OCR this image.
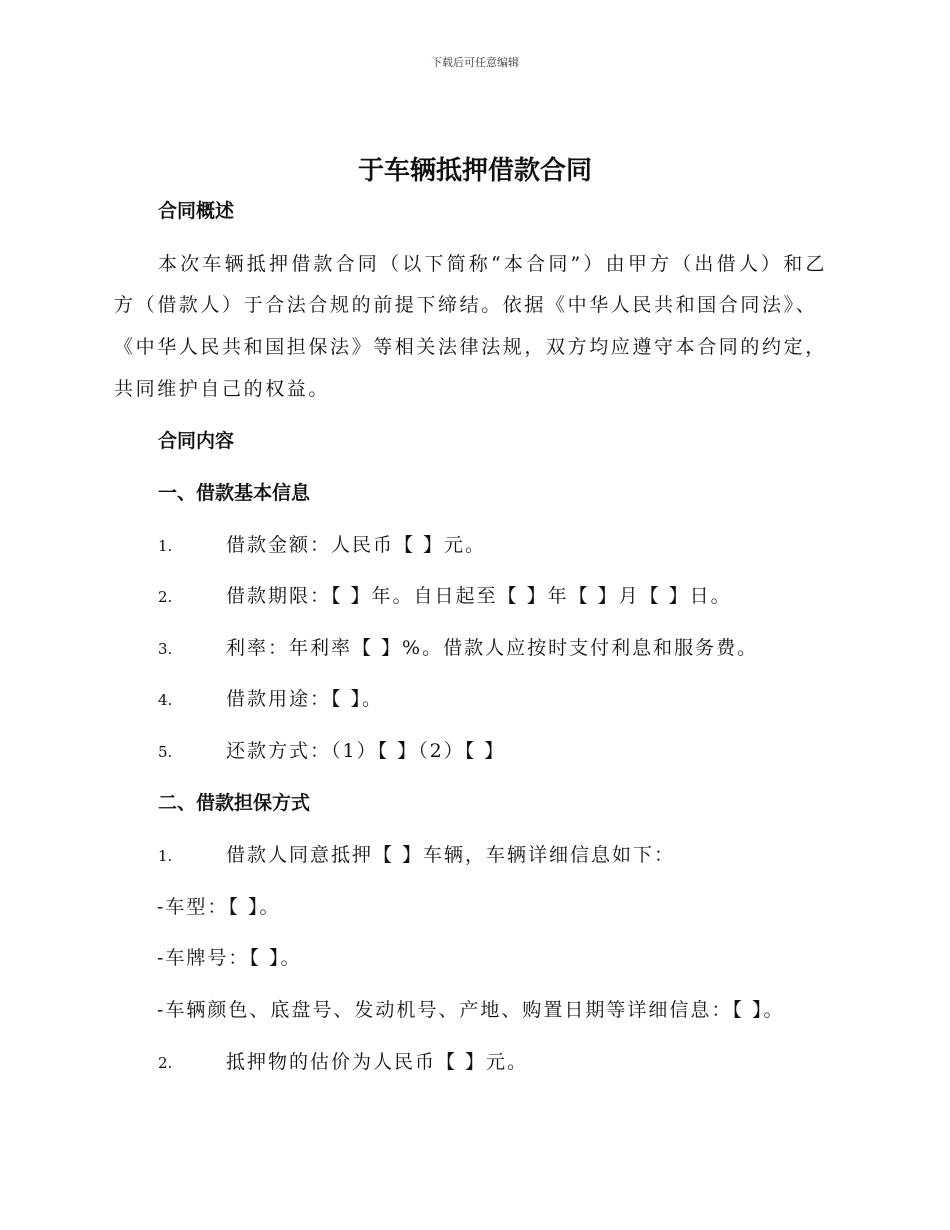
下载后可任意编辑
于车辆抵押借款合同
合同概述
本次车辆抵押借款合同（以下简称“本合同”）由甲方（出借人）和乙
方（借款人）于合法合规的前提下缔结。依据《中华人民共和国合同法》、
《中华人民共和国担保法》等相关法律法规，双方均应遵守本合同的约定，
共同维护自己的权益。
合同内容
一、借款基本信息
1.	借款金额：人民币【 】元。
2.	借款期限：【 】年。自日起至【 】年【 】月【 】日。
3.	利率：年利率【 】%。借款人应按时支付利息和服务费。
4.	借款用途：【 】。
5.	还款方式：（1）【 】（2）【 】
二、借款担保方式
1.	借款人同意抵押【 】车辆，车辆详细信息如下：
-车型：【 】。
-车牌号：【 】。
-车辆颜色、底盘号、发动机号、产地、购置日期等详细信息：【 】。
2.	抵押物的估价为人民币【 】元。
